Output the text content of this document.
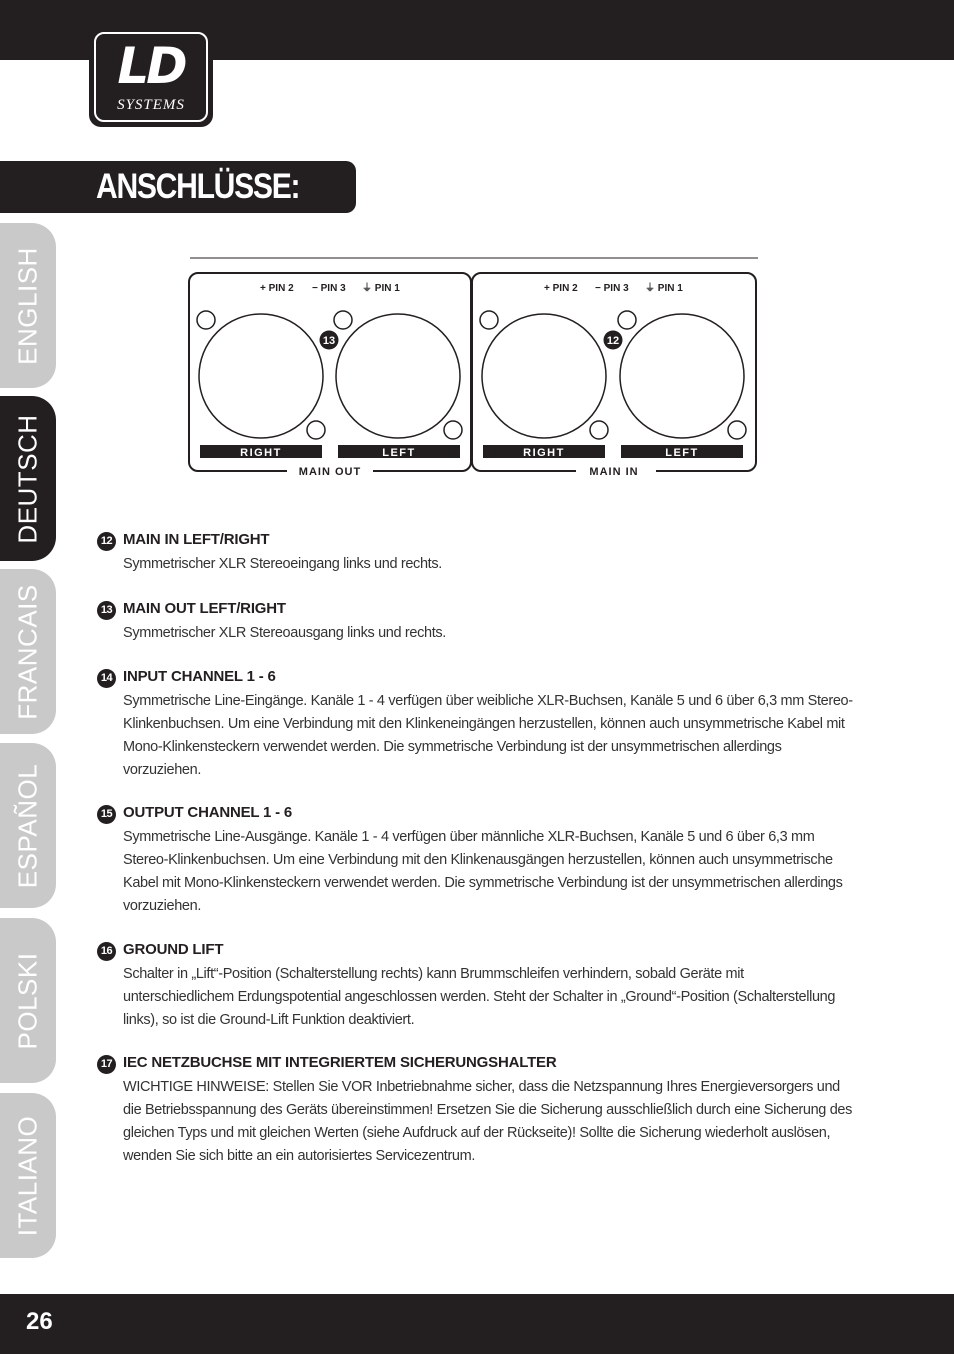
LD
SYSTEMS
ANSCHLÜSSE:
ENGLISH
DEUTSCH
FRANCAIS
ESPAÑOL
POLSKI
ITALIANO
+ PIN 2 − PIN 3 ⏚ PIN 1
13
RIGHT	LEFT
MAIN OUT
+ PIN 2 − PIN 3 ⏚ PIN 1
12
RIGHT	LEFT
MAIN IN
12 MAIN IN LEFT/RIGHT
Symmetrischer XLR Stereoeingang links und rechts.
13 MAIN OUT LEFT/RIGHT
Symmetrischer XLR Stereoausgang links und rechts.
14 INPUT CHANNEL 1 - 6
Symmetrische Line-Eingänge. Kanäle 1 - 4 verfügen über weibliche XLR-Buchsen, Kanäle 5 und 6 über 6,3 mm Stereo-Klinkenbuchsen. Um eine Verbindung mit den Klinkeneingängen herzustellen, können auch unsymmetrische Kabel mit Mono-Klinkensteckern verwendet werden. Die symmetrische Verbindung ist der unsymmetrischen allerdings vorzuziehen.
15 OUTPUT CHANNEL 1 - 6
Symmetrische Line-Ausgänge. Kanäle 1 - 4 verfügen über männliche XLR-Buchsen, Kanäle 5 und 6 über 6,3 mm Stereo-Klinkenbuchsen. Um eine Verbindung mit den Klinkenausgängen herzustellen, können auch unsymmetrische Kabel mit Mono-Klinkensteckern verwendet werden. Die symmetrische Verbindung ist der unsymmetrischen allerdings vorzuziehen.
16 GROUND LIFT
Schalter in „Lift“-Position (Schalterstellung rechts) kann Brummschleifen verhindern, sobald Geräte mit unterschiedlichem Erdungspotential angeschlossen werden. Steht der Schalter in „Ground“-Position (Schalterstellung links), so ist die Ground-Lift Funktion deaktiviert.
17 IEC NETZBUCHSE MIT INTEGRIERTEM SICHERUNGSHALTER
WICHTIGE HINWEISE: Stellen Sie VOR Inbetriebnahme sicher, dass die Netzspannung Ihres Energieversorgers und die Betriebsspannung des Geräts übereinstimmen! Ersetzen Sie die Sicherung ausschließlich durch eine Sicherung des gleichen Typs und mit gleichen Werten (siehe Aufdruck auf der Rückseite)! Sollte die Sicherung wiederholt auslösen, wenden Sie sich bitte an ein autorisiertes Servicezentrum.
26
